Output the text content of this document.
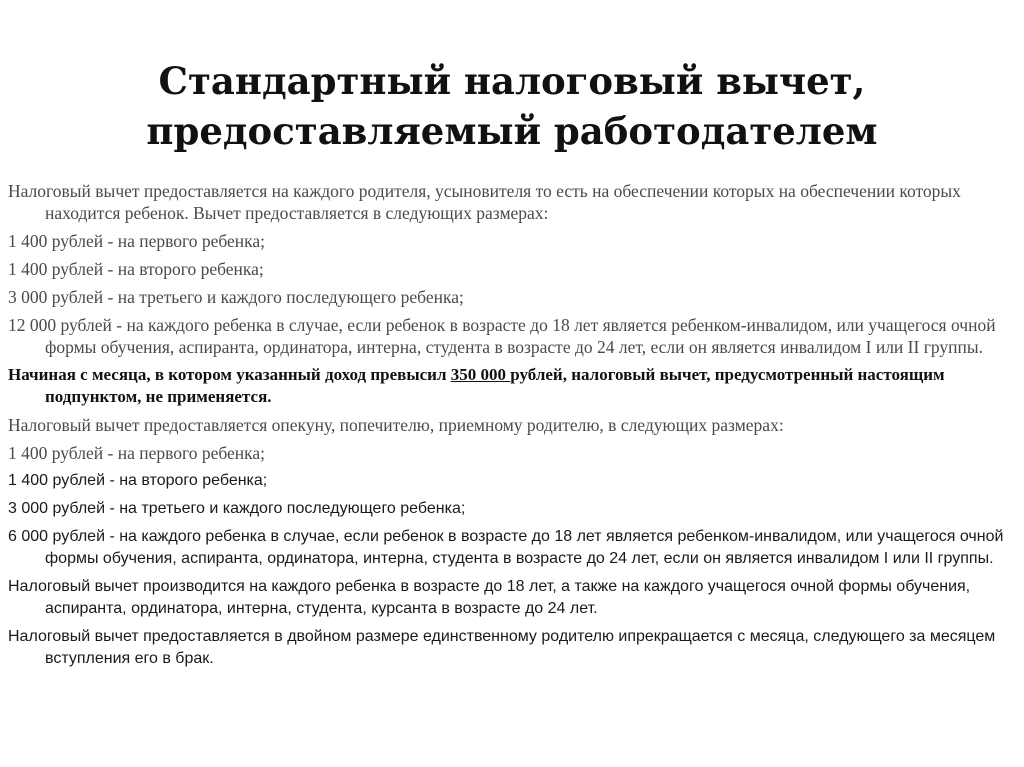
Стандартный налоговый вычет,
предоставляемый работодателем

Налоговый вычет предоставляется на каждого родителя, усыновителя то есть на обеспечении которых на обеспечении которых находится ребенок. Вычет предоставляется в следующих размерах:

1 400 рублей - на первого ребенка;

1 400 рублей - на второго ребенка;

3 000 рублей - на третьего и каждого последующего ребенка;

12 000 рублей - на каждого ребенка в случае, если ребенок в возрасте до 18 лет является ребенком-инвалидом, или учащегося очной формы обучения, аспиранта, ординатора, интерна, студента в возрасте до 24 лет, если он является инвалидом I или II группы.

Начиная с месяца, в котором указанный доход превысил 350 000 рублей, налоговый вычет, предусмотренный настоящим подпунктом, не применяется.

Налоговый вычет предоставляется опекуну, попечителю, приемному родителю, в следующих размерах:

1 400 рублей - на первого ребенка;

1 400 рублей - на второго ребенка;

3 000 рублей - на третьего и каждого последующего ребенка;

6 000 рублей - на каждого ребенка в случае, если ребенок в возрасте до 18 лет является ребенком-инвалидом, или учащегося очной формы обучения, аспиранта, ординатора, интерна, студента в возрасте до 24 лет, если он является инвалидом I или II группы.

Налоговый вычет производится на каждого ребенка в возрасте до 18 лет, а также на каждого учащегося очной формы обучения, аспиранта, ординатора, интерна, студента, курсанта в возрасте до 24 лет.

Налоговый вычет предоставляется в двойном размере единственному родителю ипрекращается с месяца, следующего за месяцем вступления его в брак.
